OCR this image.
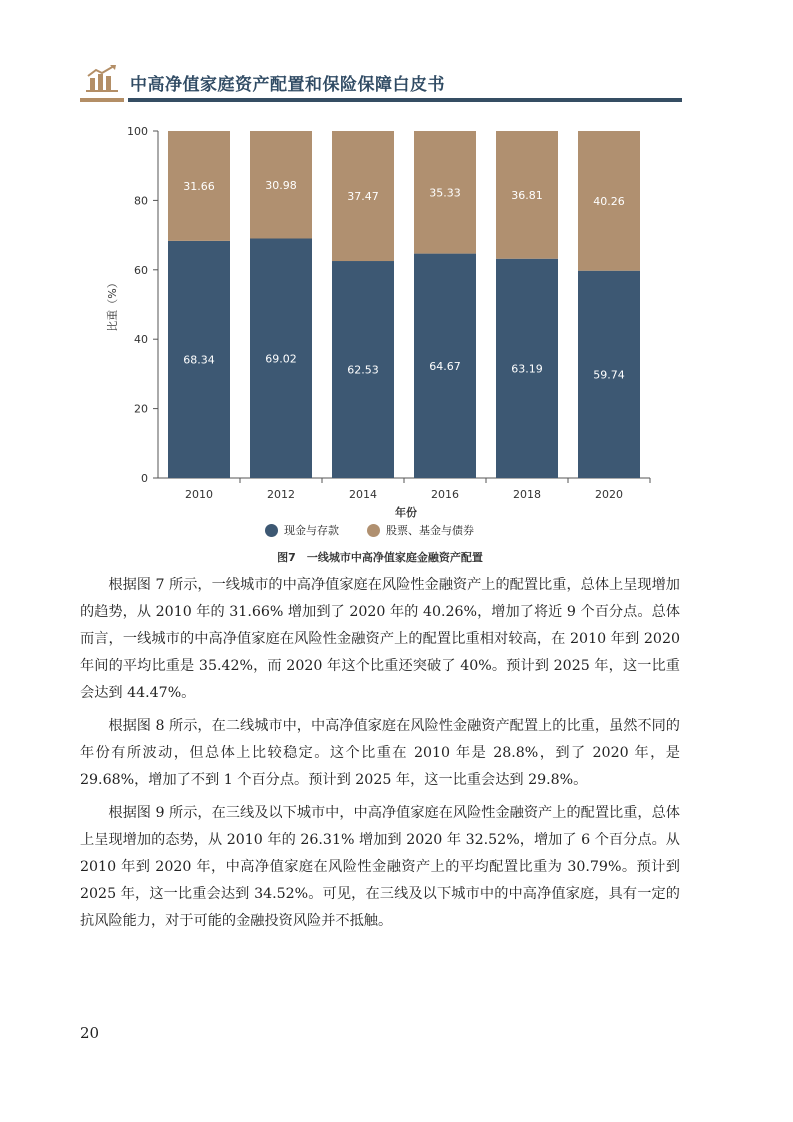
中高净值家庭资产配置和保险保障白皮书
0
20
40
60
80
100
比重（%）
68.34
31.66
2010
69.02
30.98
2012
62.53
37.47
2014
64.67
35.33
2016
63.19
36.81
2018
59.74
40.26
2020
年份
现金与存款	股票、基金与债券
图7　一线城市中高净值家庭金融资产配置

根据图 7 所示，一线城市的中高净值家庭在风险性金融资产上的配置比重，总体上呈现增加的趋势，从 2010 年的 31.66% 增加到了 2020 年的 40.26%，增加了将近 9 个百分点。总体而言，一线城市的中高净值家庭在风险性金融资产上的配置比重相对较高，在 2010 年到 2020 年间的平均比重是 35.42%，而 2020 年这个比重还突破了 40%。预计到 2025 年，这一比重会达到 44.47%。

根据图 8 所示，在二线城市中，中高净值家庭在风险性金融资产配置上的比重，虽然不同的年份有所波动，但总体上比较稳定。这个比重在 2010 年是 28.8%，到了 2020 年，是 29.68%，增加了不到 1 个百分点。预计到 2025 年，这一比重会达到 29.8%。

根据图 9 所示，在三线及以下城市中，中高净值家庭在风险性金融资产上的配置比重，总体上呈现增加的态势，从 2010 年的 26.31% 增加到 2020 年 32.52%，增加了 6 个百分点。从 2010 年到 2020 年，中高净值家庭在风险性金融资产上的平均配置比重为 30.79%。预计到 2025 年，这一比重会达到 34.52%。可见，在三线及以下城市中的中高净值家庭，具有一定的抗风险能力，对于可能的金融投资风险并不抵触。

20
